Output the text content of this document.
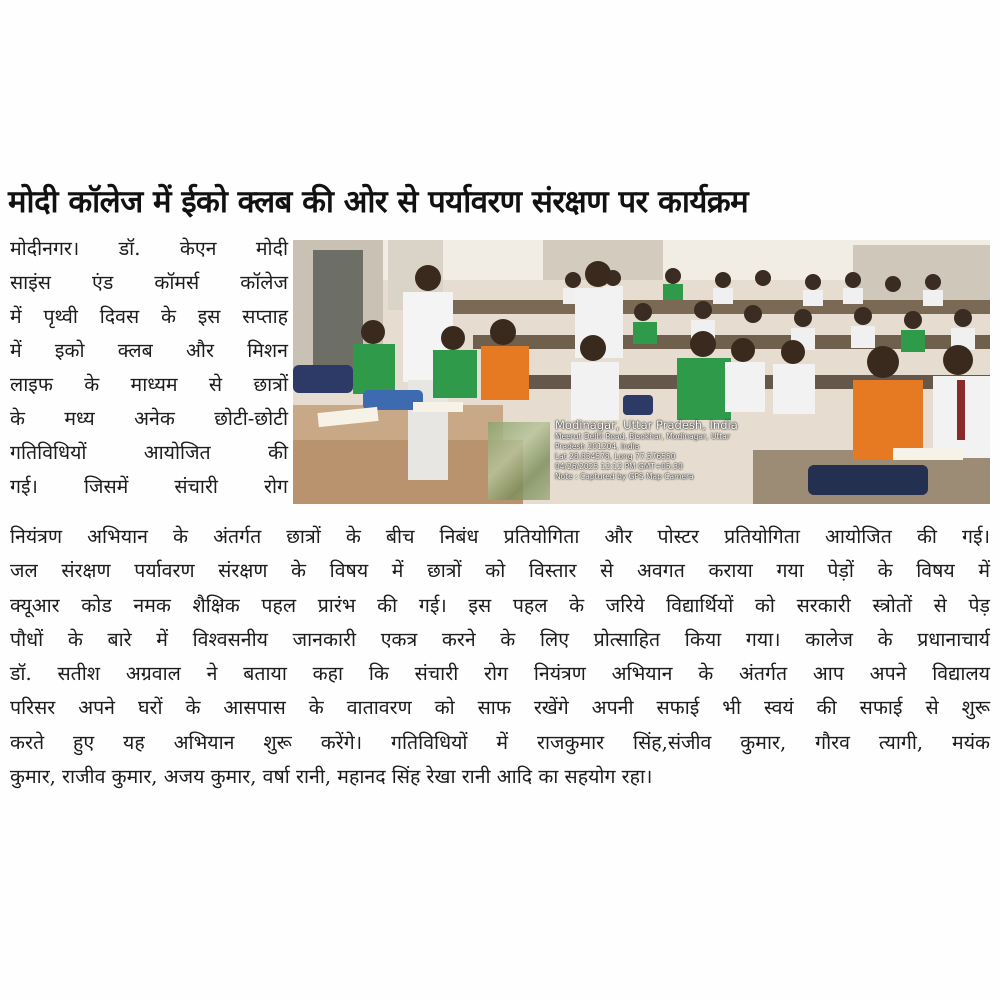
मोदी कॉलेज में ईको क्लब की ओर से पर्यावरण संरक्षण पर कार्यक्रम
मोदीनगर। डॉ. केएन मोदी
साइंस एंड कॉमर्स कॉलेज
में पृथ्वी दिवस के इस सप्ताह
में इको क्लब और मिशन
लाइफ के माध्यम से छात्रों
के मध्य अनेक छोटी-छोटी
गतिविधियों आयोजित की
गई। जिसमें संचारी रोग
Modinagar, Uttar Pradesh, India
Meerut Delhi Road, Bisokhar, Modinagar, Uttar
Pradesh 201204, India
Lat 28.834578, Long 77.576550
04/26/2025 12:12 PM GMT+05:30
Note : Captured by GPS Map Camera
नियंत्रण अभियान के अंतर्गत छात्रों के बीच निबंध प्रतियोगिता और पोस्टर प्रतियोगिता आयोजित की गई।
जल संरक्षण पर्यावरण संरक्षण के विषय में छात्रों को विस्तार से अवगत कराया गया पेड़ों के विषय में
क्यूआर कोड नमक शैक्षिक पहल प्रारंभ की गई। इस पहल के जरिये विद्यार्थियों को सरकारी स्त्रोतों से पेड़
पौधों के बारे में विश्वसनीय जानकारी एकत्र करने के लिए प्रोत्साहित किया गया। कालेज के प्रधानाचार्य
डॉ. सतीश अग्रवाल ने बताया कहा कि संचारी रोग नियंत्रण अभियान के अंतर्गत आप अपने विद्यालय
परिसर अपने घरों के आसपास के वातावरण को साफ रखेंगे अपनी सफाई भी स्वयं की सफाई से शुरू
करते हुए यह अभियान शुरू करेंगे। गतिविधियों में राजकुमार सिंह,संजीव कुमार, गौरव त्यागी, मयंक
कुमार, राजीव कुमार, अजय कुमार, वर्षा रानी, महानद सिंह रेखा रानी आदि का सहयोग रहा।
